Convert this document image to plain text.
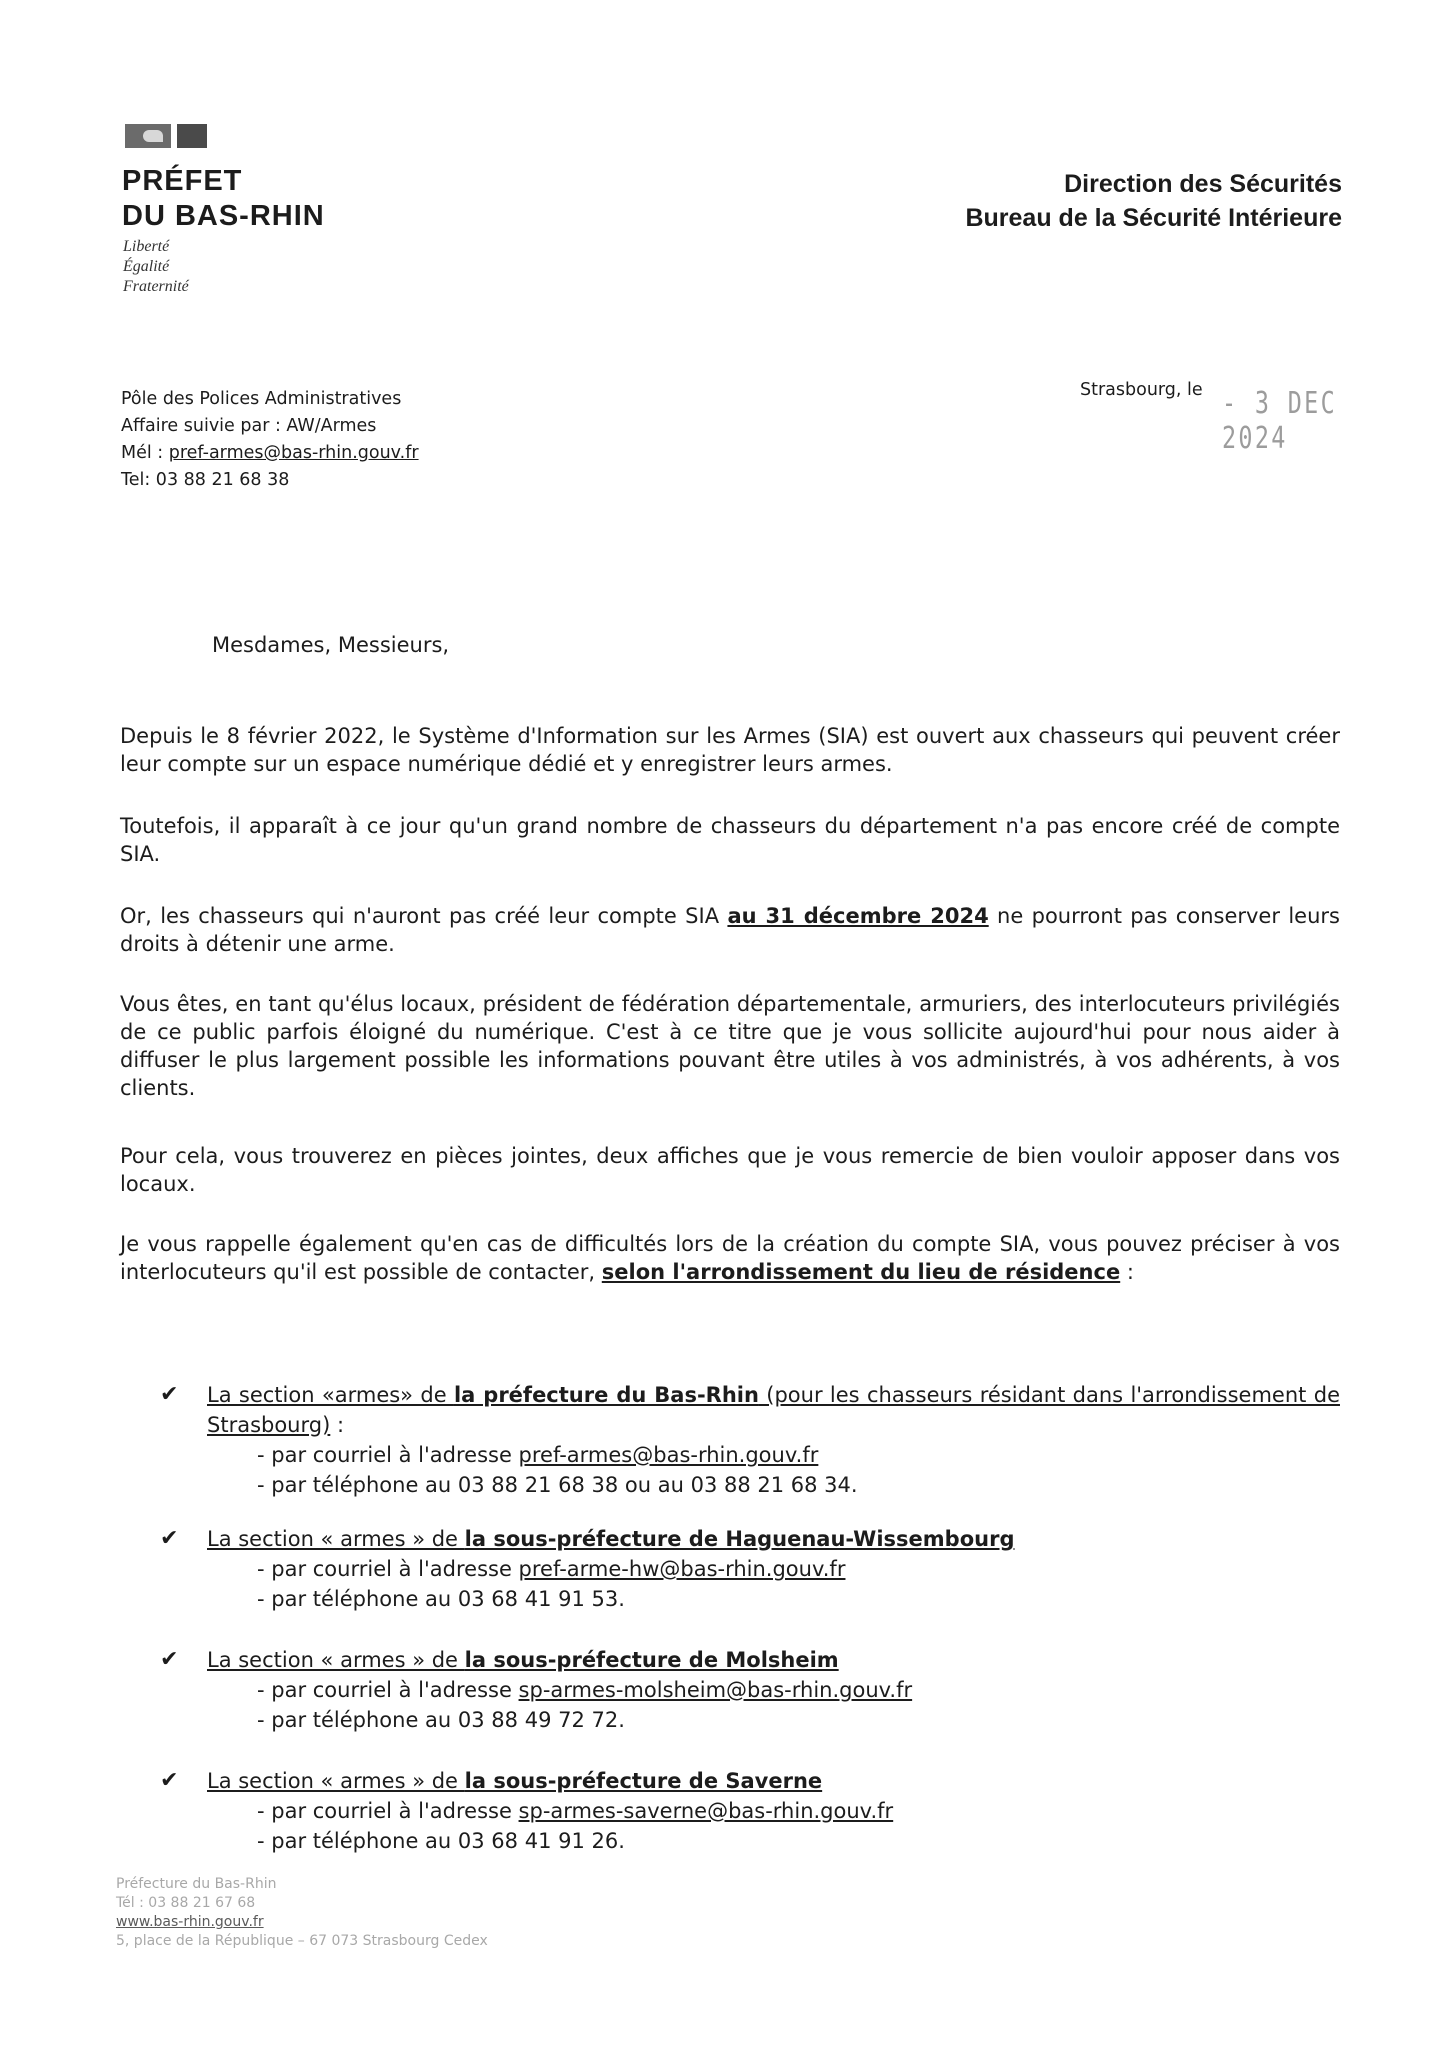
PRÉFET
DU BAS-RHIN
Liberté
Égalité
Fraternité
Direction des Sécurités
Bureau de la Sécurité Intérieure
Pôle des Polices Administratives
Affaire suivie par : AW/Armes
Mél : pref-armes@bas-rhin.gouv.fr
Tel: 03 88 21 68 38
Strasbourg, le - 3 DEC 2024
Mesdames, Messieurs,
Depuis le 8 février 2022, le Système d'Information sur les Armes (SIA) est ouvert aux chasseurs qui peuvent créer leur compte sur un espace numérique dédié et y enregistrer leurs armes.
Toutefois, il apparaît à ce jour qu'un grand nombre de chasseurs du département n'a pas encore créé de compte SIA.
Or, les chasseurs qui n'auront pas créé leur compte SIA au 31 décembre 2024 ne pourront pas conserver leurs droits à détenir une arme.
Vous êtes, en tant qu'élus locaux, président de fédération départementale, armuriers, des interlocuteurs privilégiés de ce public parfois éloigné du numérique. C'est à ce titre que je vous sollicite aujourd'hui pour nous aider à diffuser le plus largement possible les informations pouvant être utiles à vos administrés, à vos adhérents, à vos clients.
Pour cela, vous trouverez en pièces jointes, deux affiches que je vous remercie de bien vouloir apposer dans vos locaux.
Je vous rappelle également qu'en cas de difficultés lors de la création du compte SIA, vous pouvez préciser à vos interlocuteurs qu'il est possible de contacter, selon l'arrondissement du lieu de résidence :
✔ La section «armes» de la préfecture du Bas-Rhin (pour les chasseurs résidant dans l'arrondissement de Strasbourg) :
- par courriel à l'adresse pref-armes@bas-rhin.gouv.fr
- par téléphone au 03 88 21 68 38 ou au 03 88 21 68 34.
✔ La section « armes » de la sous-préfecture de Haguenau-Wissembourg
- par courriel à l'adresse pref-arme-hw@bas-rhin.gouv.fr
- par téléphone au 03 68 41 91 53.
✔ La section « armes » de la sous-préfecture de Molsheim
- par courriel à l'adresse sp-armes-molsheim@bas-rhin.gouv.fr
- par téléphone au 03 88 49 72 72.
✔ La section « armes » de la sous-préfecture de Saverne
- par courriel à l'adresse sp-armes-saverne@bas-rhin.gouv.fr
- par téléphone au 03 68 41 91 26.
Préfecture du Bas-Rhin
Tél : 03 88 21 67 68
www.bas-rhin.gouv.fr
5, place de la République – 67 073 Strasbourg Cedex
